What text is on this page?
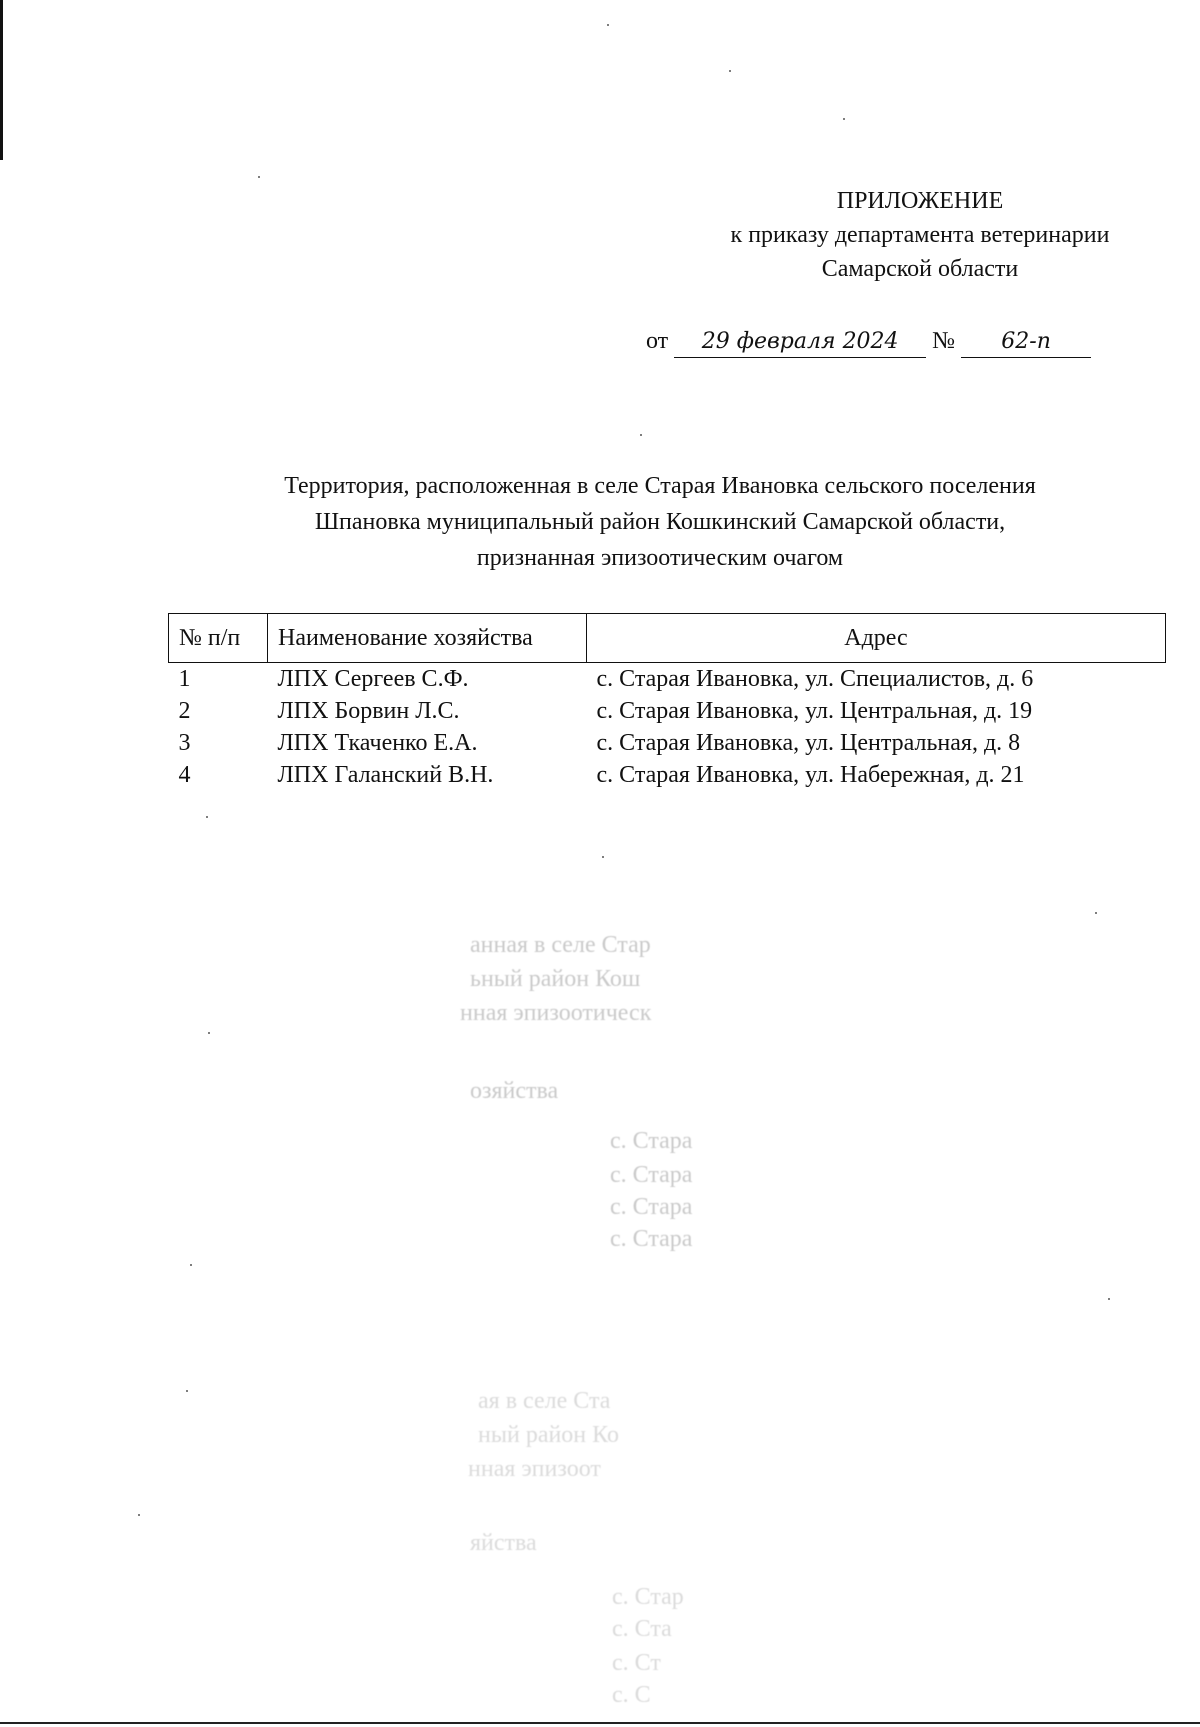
ПРИЛОЖЕНИЕ
к приказу департамента ветеринарии
Самарской области
от 29 февраля 2024 № 62-п
Территория, расположенная в селе Старая Ивановка сельского поселения
Шпановка муниципальный район Кошкинский Самарской области,
признанная эпизоотическим очагом
№ п/п	Наименование хозяйства	Адрес
1	ЛПХ Сергеев С.Ф.	с. Старая Ивановка, ул. Специалистов, д. 6
2	ЛПХ Борвин Л.С.	с. Старая Ивановка, ул. Центральная, д. 19
3	ЛПХ Ткаченко Е.А.	с. Старая Ивановка, ул. Центральная, д. 8
4	ЛПХ Галанский В.Н.	с. Старая Ивановка, ул. Набережная, д. 21
анная в селе Стар
ьный район Кош
нная эпизоотическ
озяйства
с. Стара
с. Стара
с. Стара
с. Стара
ая в селе Ста
ный район Ко
нная эпизоот
яйства
с. Стар
с. Ста
с. Ст
с. С
